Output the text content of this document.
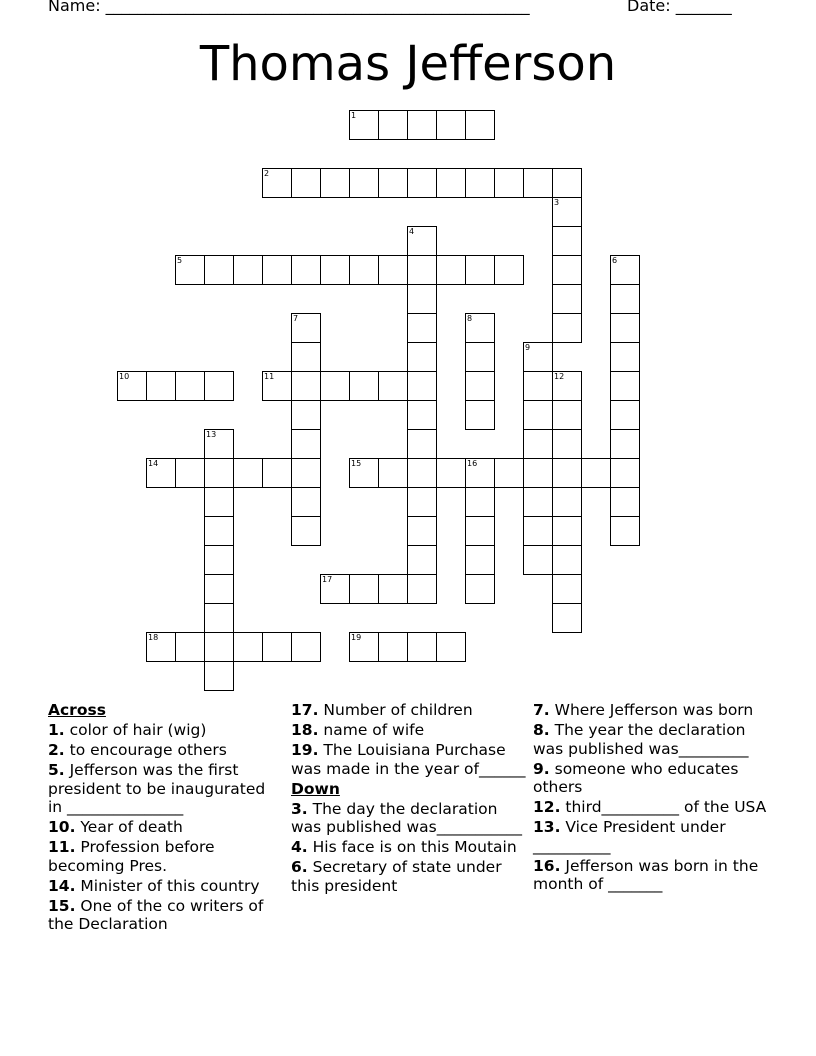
Name: _____________________________________________________	Date: _______
Thomas Jefferson
1
2
3
4
5	6
7	8
9
10	11	12
13
14	15	16
17
18	19
Across
1. color of hair (wig)
2. to encourage others
5. Jefferson was the first president to be inaugurated in _______________
10. Year of death
11. Profession before becoming Pres.
14. Minister of this country
15. One of the co writers of the Declaration
17. Number of children
18. name of wife
19. The Louisiana Purchase was made in the year of______
Down
3. The day the declaration was published was___________
4. His face is on this Moutain
6. Secretary of state under this president
7. Where Jefferson was born
8. The year the declaration was published was_________
9. someone who educates others
12. third__________ of the USA
13. Vice President under __________
16. Jefferson was born in the month of _______
